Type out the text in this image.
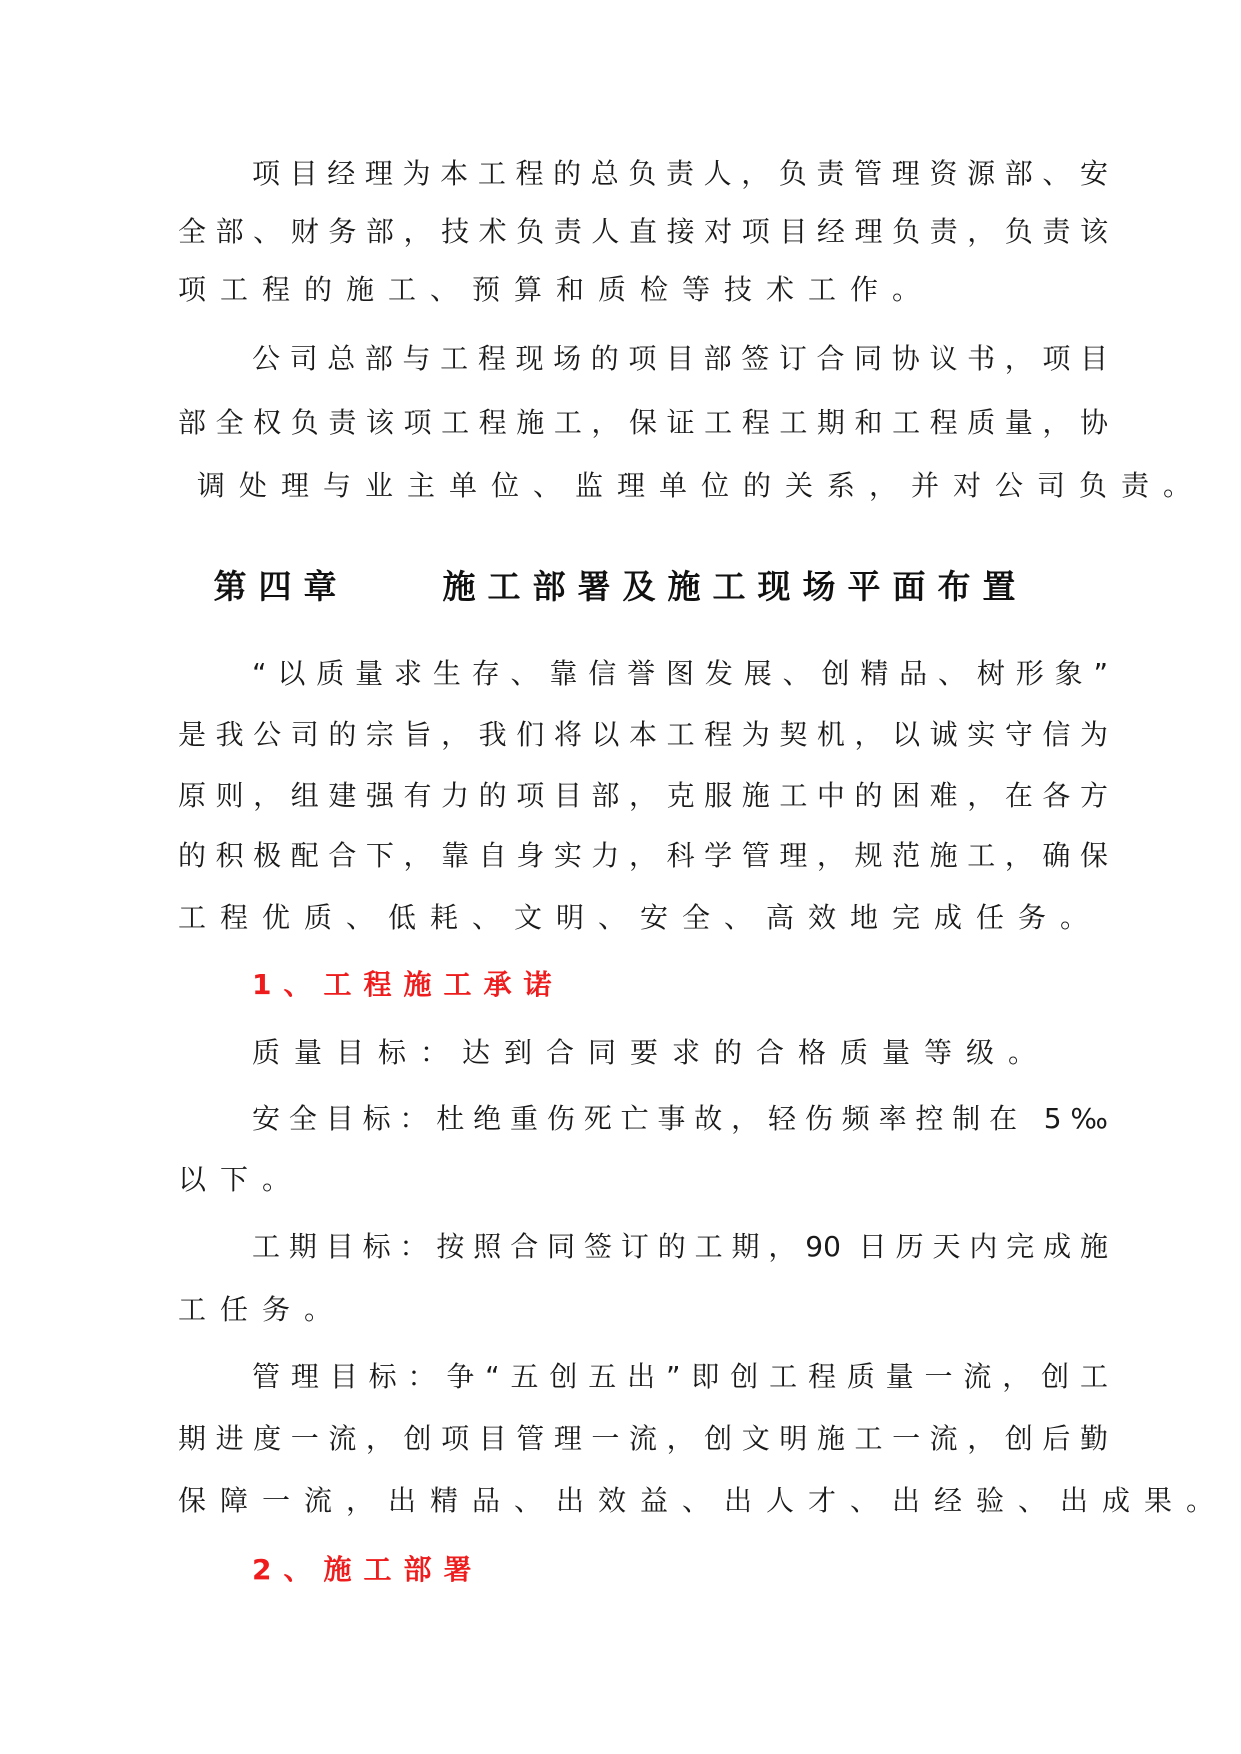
项目经理为本工程的总负责人，负责管理资源部、安
全部、财务部，技术负责人直接对项目经理负责，负责该
项工程的施工、预算和质检等技术工作。
公司总部与工程现场的项目部签订合同协议书，项目
部全权负责该项工程施工，保证工程工期和工程质量，协
调处理与业主单位、监理单位的关系，并对公司负责。
第四章    施工部署及施工现场平面布置
“以质量求生存、靠信誉图发展、创精品、树形象”
是我公司的宗旨，我们将以本工程为契机，以诚实守信为
原则，组建强有力的项目部，克服施工中的困难，在各方
的积极配合下，靠自身实力，科学管理，规范施工，确保
工程优质、低耗、文明、安全、高效地完成任务。
1、工程施工承诺
质量目标：达到合同要求的合格质量等级。
安全目标：杜绝重伤死亡事故，轻伤频率控制在 5‰
以下。
工期目标：按照合同签订的工期，90 日历天内完成施
工任务。
管理目标：争“五创五出”即创工程质量一流，创工
期进度一流，创项目管理一流，创文明施工一流，创后勤
保障一流，出精品、出效益、出人才、出经验、出成果。
2、施工部署
